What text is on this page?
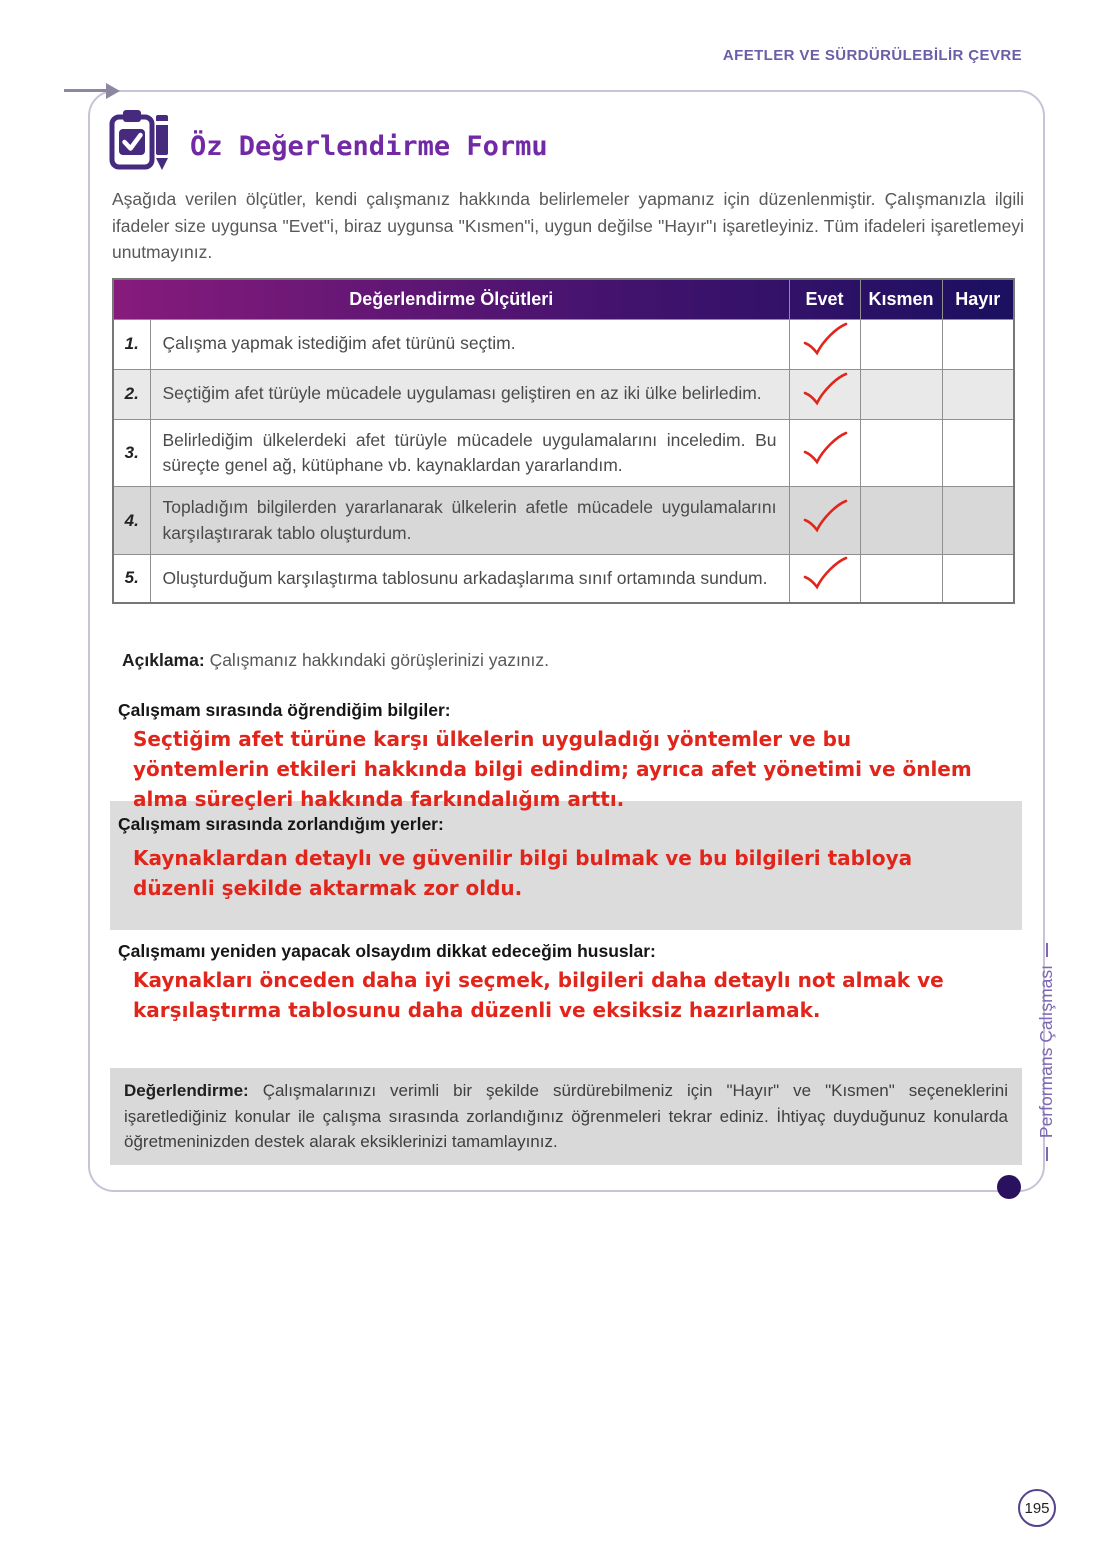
AFETLER VE SÜRDÜRÜLEBİLİR ÇEVRE
Öz Değerlendirme Formu
Aşağıda verilen ölçütler, kendi çalışmanız hakkında belirlemeler yapmanız için düzenlenmiştir. Çalışmanızla ilgili ifadeler size uygunsa "Evet"i, biraz uygunsa "Kısmen"i, uygun değilse "Hayır"ı işaretleyiniz. Tüm ifadeleri işaretlemeyi unutmayınız.
Değerlendirme Ölçütleri		Evet	Kısmen	Hayır
1.	Çalışma yapmak istediğim afet türünü seçtim.	

2.	Seçtiğim afet türüyle mücadele uygulaması geliştiren en az iki ülke belirledim.	

3.	Belirlediğim ülkelerdeki afet türüyle mücadele uygulamalarını inceledim. Bu süreçte genel ağ, kütüphane vb. kaynaklardan yararlandım.	

4.	Topladığım bilgilerden yararlanarak ülkelerin afetle mücadele uygulamalarını karşılaştırarak tablo oluşturdum.	

5.	Oluşturduğum karşılaştırma tablosunu arkadaşlarıma sınıf ortamında sundum.	

Açıklama: Çalışmanız hakkındaki görüşlerinizi yazınız.
Çalışmam sırasında öğrendiğim bilgiler:
Seçtiğim afet türüne karşı ülkelerin uyguladığı yöntemler ve bu yöntemlerin etkileri hakkında bilgi edindim; ayrıca afet yönetimi ve önlem alma süreçleri hakkında farkındalığım arttı.
Çalışmam sırasında zorlandığım yerler:
Kaynaklardan detaylı ve güvenilir bilgi bulmak ve bu bilgileri tabloya düzenli şekilde aktarmak zor oldu.
Çalışmamı yeniden yapacak olsaydım dikkat edeceğim hususlar:
Kaynakları önceden daha iyi seçmek, bilgileri daha detaylı not almak ve karşılaştırma tablosunu daha düzenli ve eksiksiz hazırlamak.
Değerlendirme: Çalışmalarınızı verimli bir şekilde sürdürebilmeniz için "Hayır" ve "Kısmen" seçeneklerini işaretlediğiniz konular ile çalışma sırasında zorlandığınız öğrenmeleri tekrar ediniz. İhtiyaç duyduğunuz konularda öğretmeninizden destek alarak eksiklerinizi tamamlayınız.
Performans Çalışması
195
